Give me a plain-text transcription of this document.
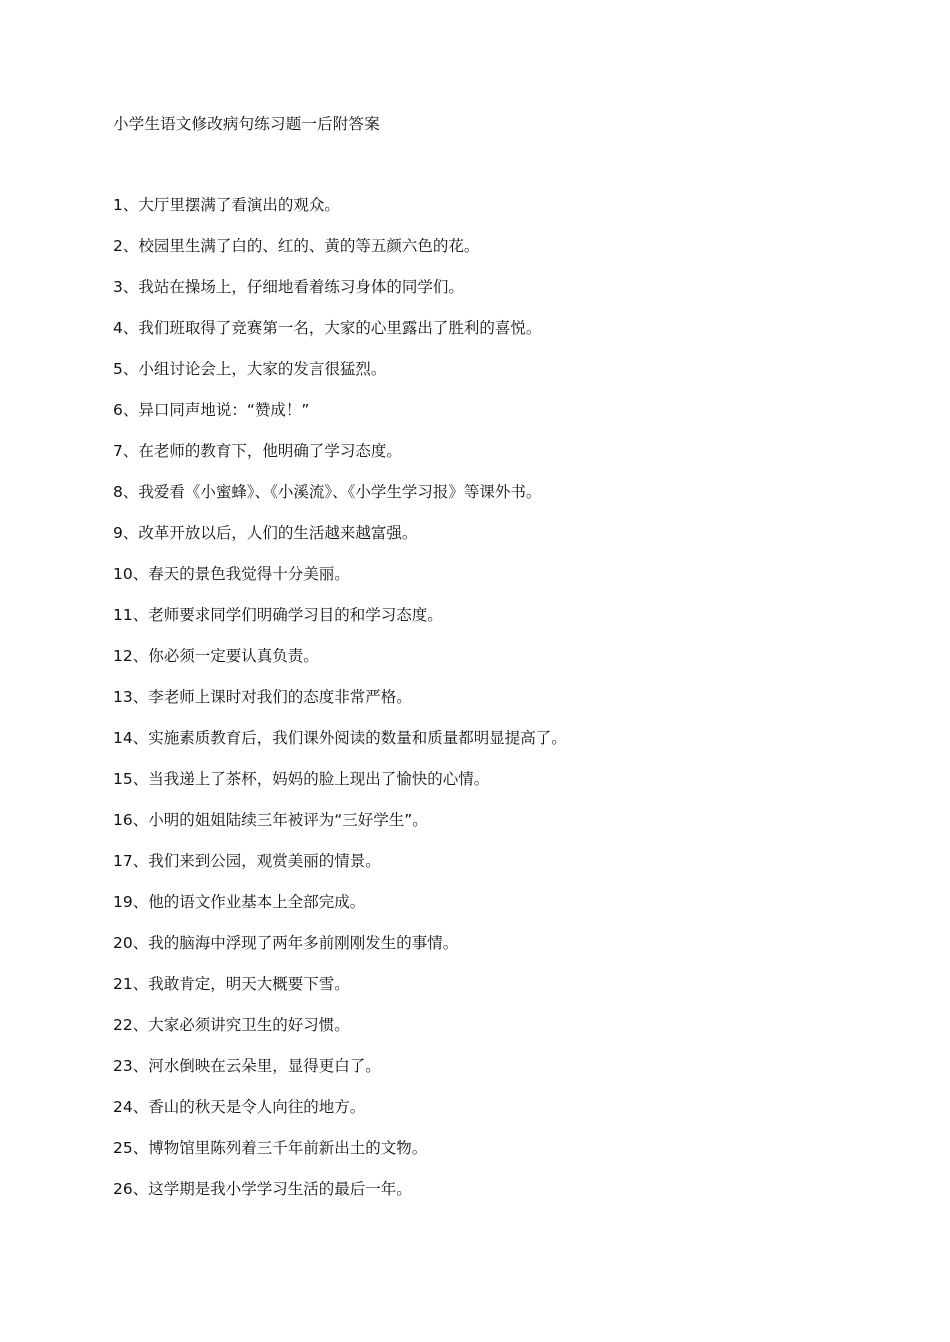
小学生语文修改病句练习题一后附答案
1、大厅里摆满了看演出的观众。
2、校园里生满了白的、红的、黄的等五颜六色的花。
3、我站在操场上，仔细地看着练习身体的同学们。
4、我们班取得了竞赛第一名，大家的心里露出了胜利的喜悦。
5、小组讨论会上，大家的发言很猛烈。
6、异口同声地说：“赞成！”
7、在老师的教育下，他明确了学习态度。
8、我爱看《小蜜蜂》、《小溪流》、《小学生学习报》等课外书。
9、改革开放以后，人们的生活越来越富强。
10、春天的景色我觉得十分美丽。
11、老师要求同学们明确学习目的和学习态度。
12、你必须一定要认真负责。
13、李老师上课时对我们的态度非常严格。
14、实施素质教育后，我们课外阅读的数量和质量都明显提高了。
15、当我递上了茶杯，妈妈的脸上现出了愉快的心情。
16、小明的姐姐陆续三年被评为“三好学生”。
17、我们来到公园，观赏美丽的情景。
19、他的语文作业基本上全部完成。
20、我的脑海中浮现了两年多前刚刚发生的事情。
21、我敢肯定，明天大概要下雪。
22、大家必须讲究卫生的好习惯。
23、河水倒映在云朵里，显得更白了。
24、香山的秋天是令人向往的地方。
25、博物馆里陈列着三千年前新出土的文物。
26、这学期是我小学学习生活的最后一年。
